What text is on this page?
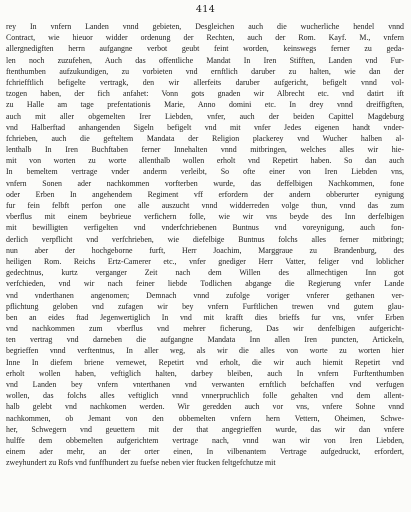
414
rey In vnfern Landen vnnd gebieten, Desgleichen auch die wucherliche hendel vnnd
Contract, wie hieuor widder ordenung der Rechten, auch der Rom. Kayf. M., vnfern
allergnedigften herrn aufgangne verbot geubt feint worden, keinswegs ferner zu geda-
len noch zuzufehen, Auch das offentliche Mandat In Iren Stifften, Landen vnd Fur-
ftenthumben aufzukundigen, zu vorbieten vnd ernftlich daruber zu halten, wie dan der
fchriefftlich befigelte vertragk, den wir allerfeits daruber aufgericht, befigelt vnnd vol-
tzogen haben, der fich anfahet: Vonn gots gnaden wir Albrecht etc. vnd datirt ift
zu Halle am tage prefentationis Marie, Anno domini etc. In drey vnnd dreiffigften,
auch mit aller obgemelten Irer Liebden, vnfer, auch der beiden Capittel Magdeburg
vnd Halberftad anhangenden Sigeln befigelt vnd mit vnfer Jedes eigenen handt vnder-
fchrieben, auch die gefteltem Mandata der Religion plackerey vnd Wucher halben al-
lenthalb In Iren Buchftaben ferner Innehalten vnnd mitbringen, welches alles wir hie-
mit von worten zu worte allenthalb wollen erholt vnd Repetirt haben. So dan auch
In bemeltem vertrage vnder anderm verleibt, So ofte einer von Iren Liebden vns,
vnfern Sonen ader nachkommen vorfterben wurde, das deffelbigen Nachkommen, fone
oder Erben In angehendem Regiment vff erfordern der andern obberurter eynigung
fur fein felbft perfon one alle auszucht vnnd widderreden volge thun, vnnd das zum
vberflus mit einem beybrieue verfichern folle, wie wir vns beyde des Inn derfelbigen
mit bewilligten verfigelten vnd vnderfchriebenen Buntnus vnd voreynigung, auch fon-
derlich verpflicht vnd verfchrieben, wie diefelbige Buntnus folchs alles ferner mitbringt;
nun aber der hochgeborne furft, Herr Joachim, Marggraue zu Brandenburg, des
heiligen Rom. Reichs Ertz-Camerer etc., vnfer gnediger Herr Vatter, feliger vnd loblicher
gedechtnus, kurtz verganger Zeit nach dem Willen des allmechtigen Inn got
verfchieden, vnd wir nach feiner liebde Todlichen abgange die Regierung vnfer Lande
vnd vnderthanen angenomen; Demnach vnnd zufolge voriger vnferer gethanen ver-
pflichtung geloben vnd zufagen wir bey vnfern Furftlichen trewen vnd gutem glau-
ben an eides ftad Jegenwertiglich In vnd mit krafft dies brieffs fur vns, vnfer Erben
vnd nachkommen zum vberflus vnd mehrer ficherung, Das wir denfelbigen aufgericht-
ten vertrag vnd darneben die aufgangne Mandata Inn allen Iren puncten, Artickeln,
begrieffen vnnd verftentnus, In aller weg, als wir die alles von worte zu worten hier
Inne In diefem briene vernewet, Repetirt vnd erholt, die wir auch hiemit Repetirt vnd
erholt wollen haben, veftiglich halten, darbey bleiben, auch In vnfern Furftenthumben
vnd Landen bey vnfern vnterthanen vnd verwanten ernftlich befchaffen vnd verfugen
wollen, das folchs alles veftiglich vnnd vnnerpruchlich folle gehalten vnd dem allent-
halb gelebt vnd nachkomen werden. Wir geredden auch vor vns, vnfere Sohne vnnd
nachkommen, ob Jemant von den obbemelten vnfern hern Vettern, Oheimen, Schwe-
her, Schwegern vnd geuettern mit der that angegrieffen wurde, das wir dan vnfere
hulffe dem obbemelten aufgerichtem vertrage nach, vnnd wan wir von Iren Liebden,
einem ader mehr, an der orter einen, In vilbenantem Vertrage aufgedruckt, erfordert,
zweyhundert zu Rofs vnd funffhundert zu fuefse neben vier ftucken feltgefchutze mit
